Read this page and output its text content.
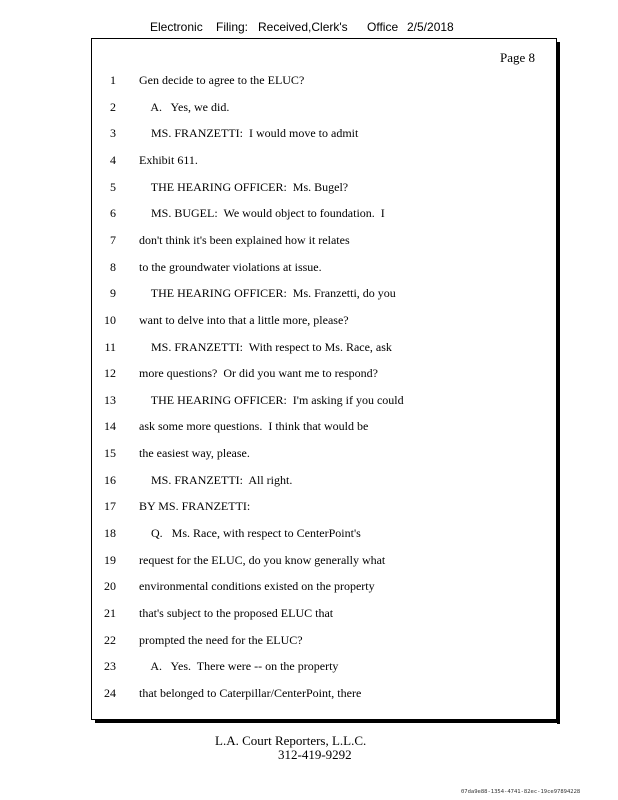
Electronic Filing: Received,Clerk's Office 2/5/2018
Page 8
1 Gen decide to agree to the ELUC?
2 A.   Yes, we did.
3 MS. FRANZETTI:  I would move to admit
4 Exhibit 611.
5 THE HEARING OFFICER:  Ms. Bugel?
6 MS. BUGEL:  We would object to foundation.  I
7 don't think it's been explained how it relates
8 to the groundwater violations at issue.
9 THE HEARING OFFICER:  Ms. Franzetti, do you
10 want to delve into that a little more, please?
11 MS. FRANZETTI:  With respect to Ms. Race, ask
12 more questions?  Or did you want me to respond?
13 THE HEARING OFFICER:  I'm asking if you could
14 ask some more questions.  I think that would be
15 the easiest way, please.
16 MS. FRANZETTI:  All right.
17 BY MS. FRANZETTI:
18 Q.   Ms. Race, with respect to CenterPoint's
19 request for the ELUC, do you know generally what
20 environmental conditions existed on the property
21 that's subject to the proposed ELUC that
22 prompted the need for the ELUC?
23 A.   Yes.  There were -- on the property
24 that belonged to Caterpillar/CenterPoint, there
L.A. Court Reporters, L.L.C.
312-419-9292
07da9e88-1354-4741-82ec-19ce97894228
